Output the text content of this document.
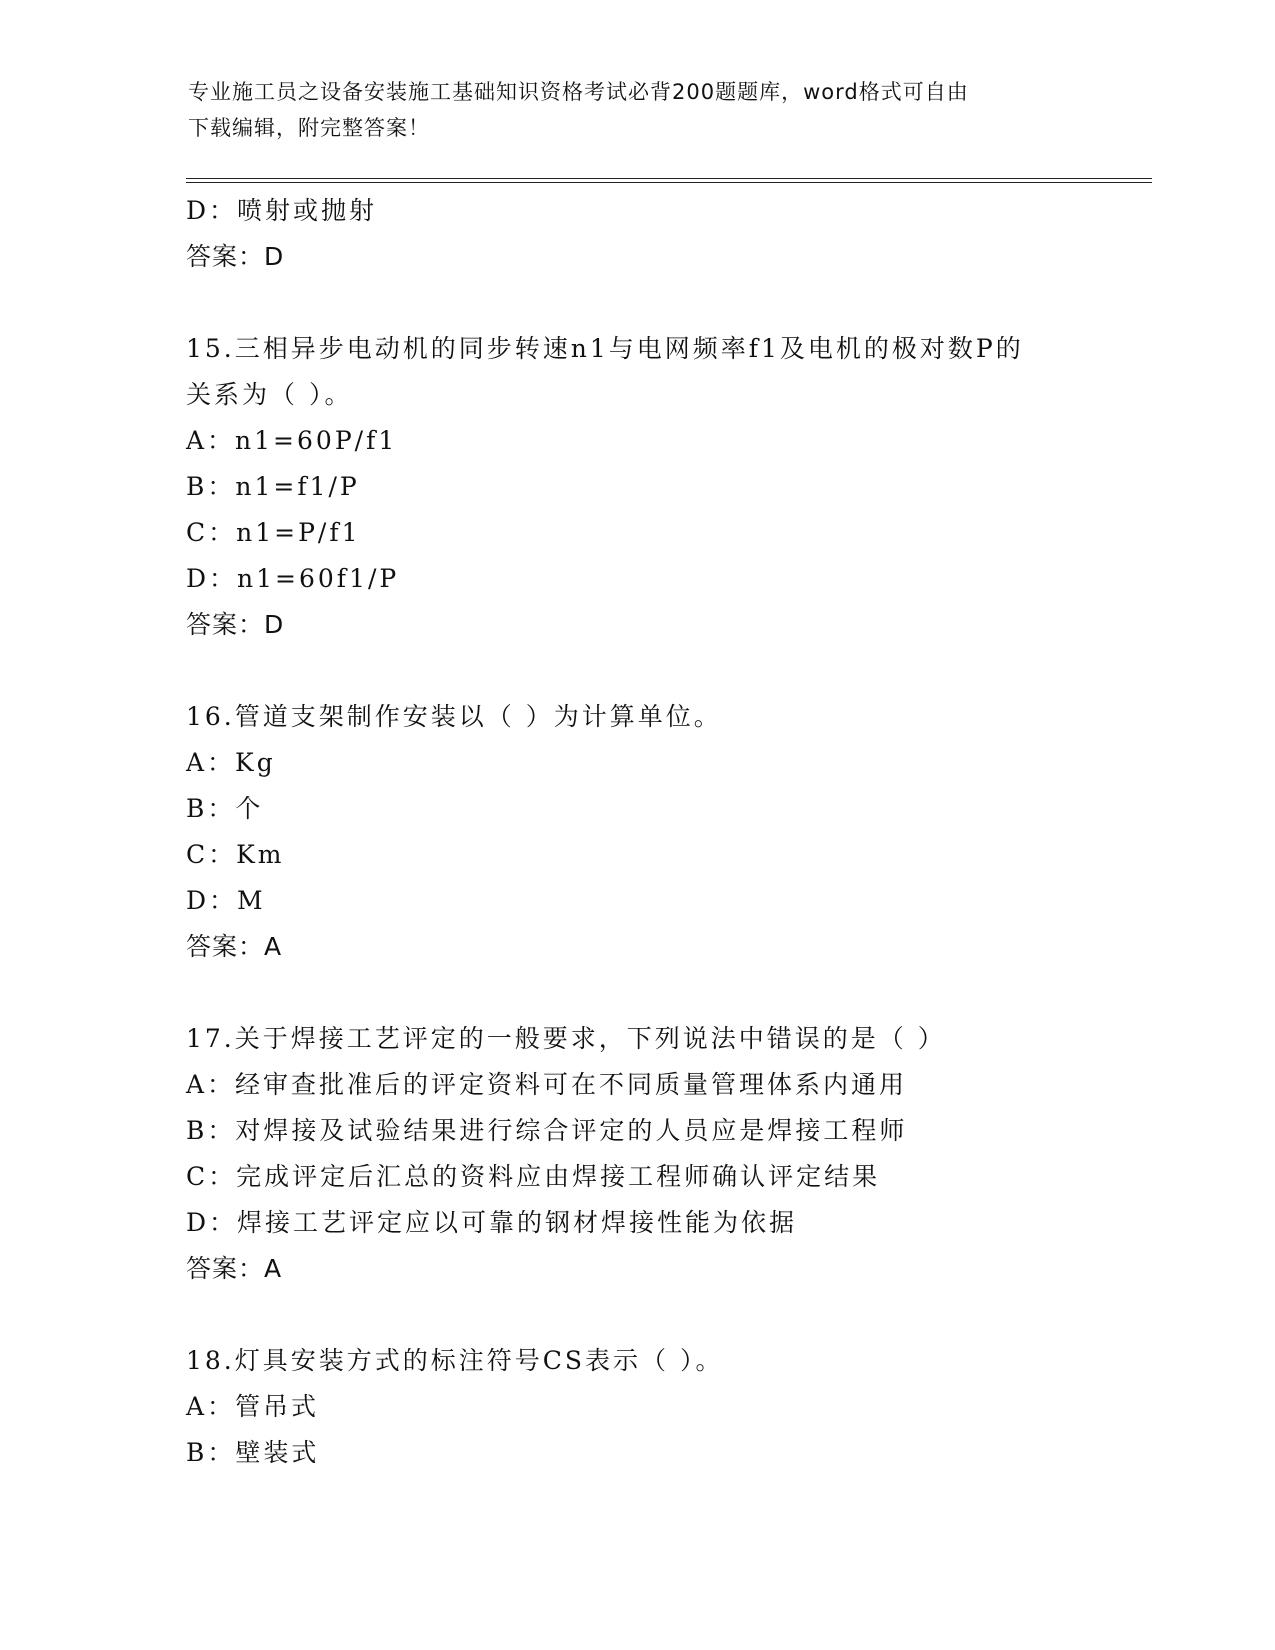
专业施工员之设备安装施工基础知识资格考试必背200题题库，word格式可自由
下载编辑，附完整答案！
D：喷射或抛射
答案：D
15.三相异步电动机的同步转速n1与电网频率f1及电机的极对数P的
关系为（ ）。
A：n1=60P/f1
B：n1=f1/P
C：n1=P/f1
D：n1=60f1/P
答案：D
16.管道支架制作安装以（ ）为计算单位。
A：Kg
B：个
C：Km
D：M
答案：A
17.关于焊接工艺评定的一般要求，下列说法中错误的是（ ）
A：经审查批准后的评定资料可在不同质量管理体系内通用
B：对焊接及试验结果进行综合评定的人员应是焊接工程师
C：完成评定后汇总的资料应由焊接工程师确认评定结果
D：焊接工艺评定应以可靠的钢材焊接性能为依据
答案：A
18.灯具安装方式的标注符号CS表示（ ）。
A：管吊式
B：壁装式
